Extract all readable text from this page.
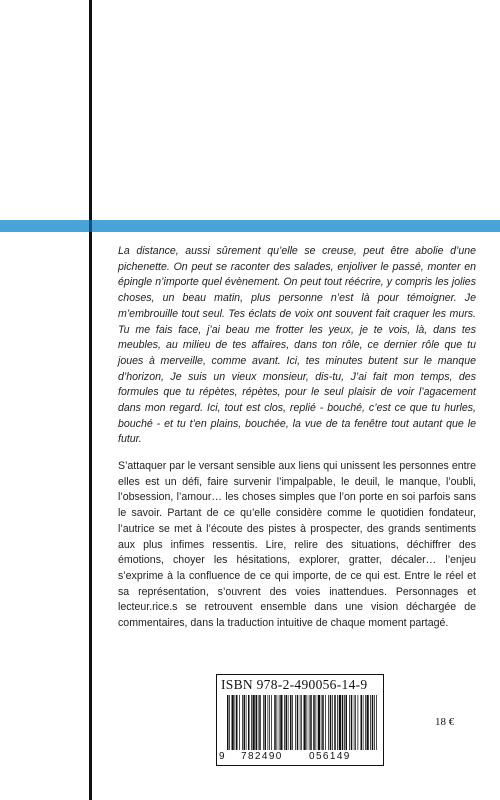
La distance, aussi sûrement qu’elle se creuse, peut être abolie d’une pichenette. On peut se raconter des salades, enjoliver le passé, monter en épingle n’importe quel évènement. On peut tout réécrire, y compris les jolies choses, un beau matin, plus personne n’est là pour témoigner. Je m’embrouille tout seul. Tes éclats de voix ont souvent fait craquer les murs. Tu me fais face, j’ai beau me frotter les yeux, je te vois, là, dans tes meubles, au milieu de tes affaires, dans ton rôle, ce dernier rôle que tu joues à merveille, comme avant. Ici, tes minutes butent sur le manque d’horizon, Je suis un vieux monsieur, dis-tu, J’ai fait mon temps, des formules que tu répètes, répètes, pour le seul plaisir de voir l’agacement dans mon regard. Ici, tout est clos, replié - bouché, c’est ce que tu hurles, bouché - et tu t’en plains, bouchée, la vue de ta fenêtre tout autant que le futur.

S’attaquer par le versant sensible aux liens qui unissent les personnes entre elles est un défi, faire survenir l’impalpable, le deuil, le manque, l’oubli, l’obsession, l’amour… les choses simples que l’on porte en soi parfois sans le savoir. Partant de ce qu’elle considère comme le quotidien fondateur, l’autrice se met à l’écoute des pistes à prospecter, des grands sentiments aux plus infimes ressentis. Lire, relire des situations, déchiffrer des émotions, choyer les hésitations, explorer, gratter, décaler… l’enjeu s’exprime à la confluence de ce qui importe, de ce qui est. Entre le réel et sa représentation, s’ouvrent des voies inattendues. Personnages et lecteur.rice.s se retrouvent ensemble dans une vision déchargée de commentaires, dans la traduction intuitive de chaque moment partagé.

ISBN 978-2-490056-14-9
9 782490	056149
18 €
